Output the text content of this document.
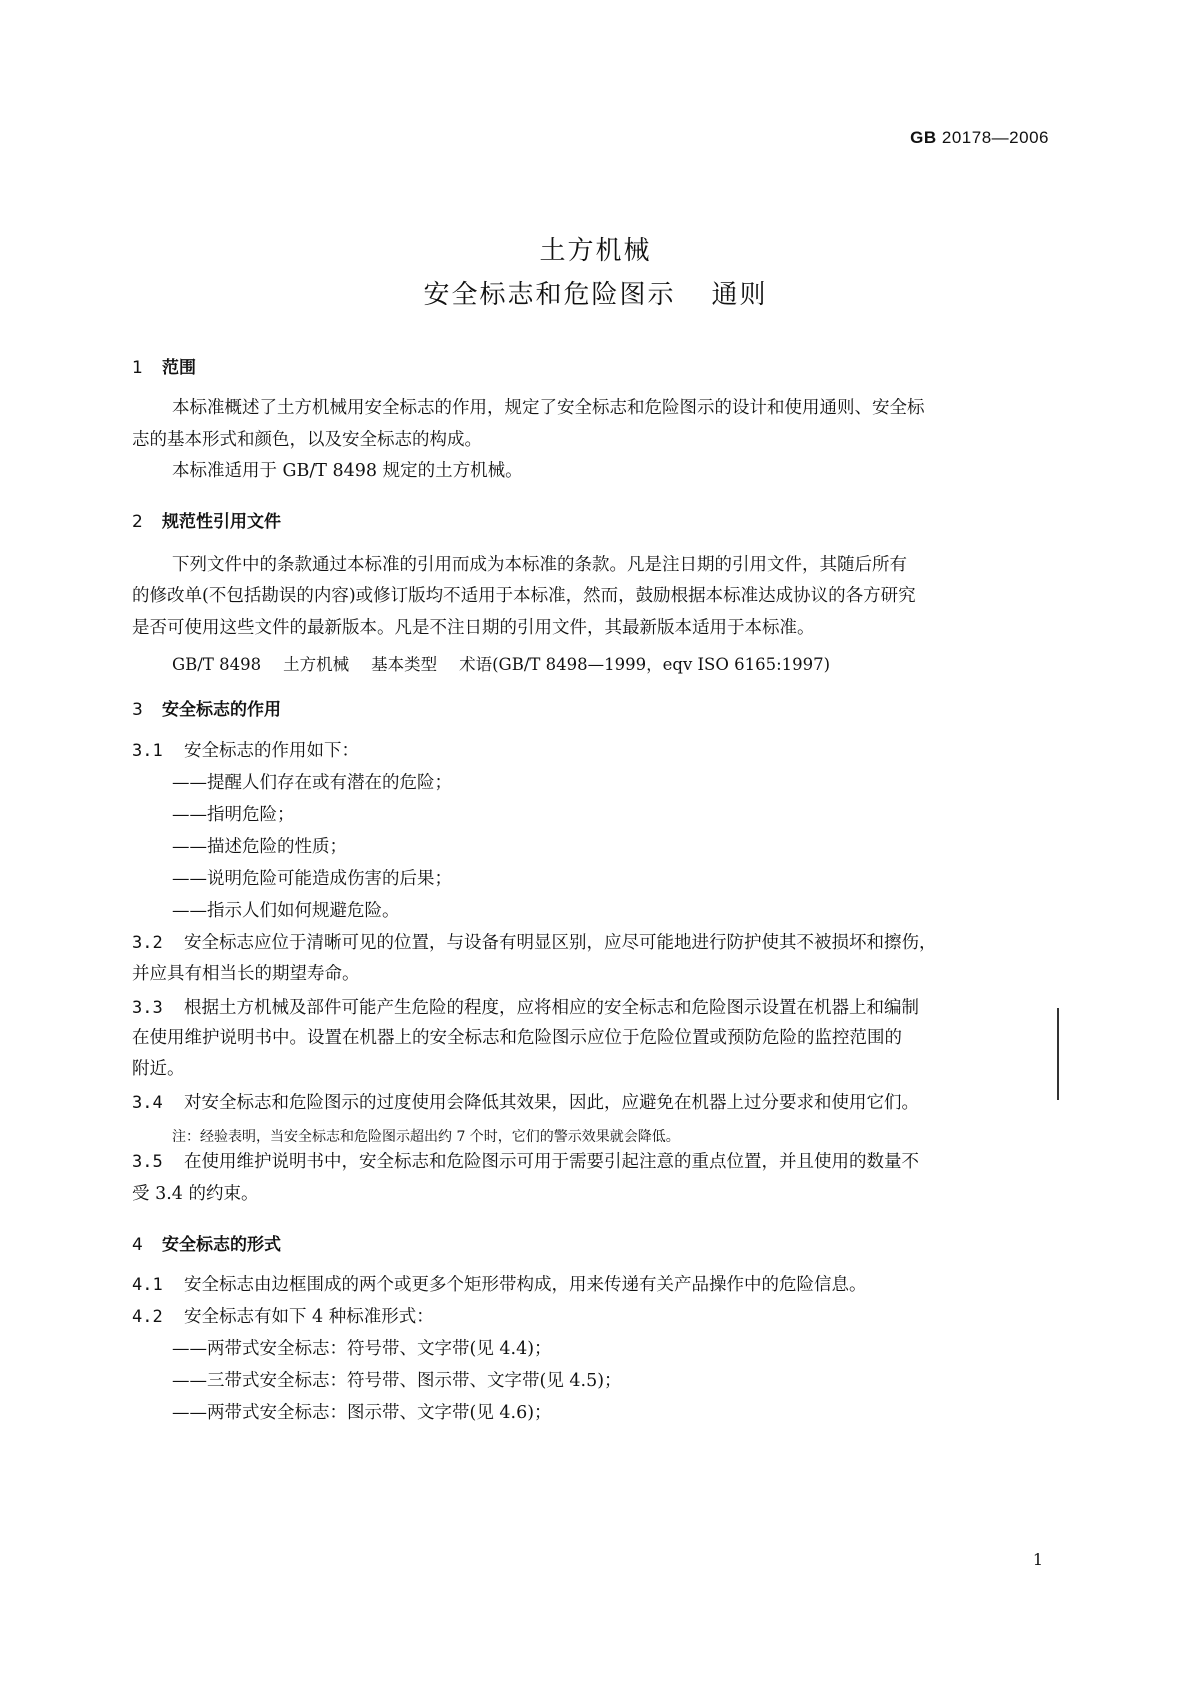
GB 20178—2006
土方机械
安全标志和危险图示 通则
1 范围
本标准概述了土方机械用安全标志的作用，规定了安全标志和危险图示的设计和使用通则、安全标
志的基本形式和颜色，以及安全标志的构成。
本标准适用于 GB/T 8498 规定的土方机械。
2 规范性引用文件
下列文件中的条款通过本标准的引用而成为本标准的条款。凡是注日期的引用文件，其随后所有
的修改单(不包括勘误的内容)或修订版均不适用于本标准，然而，鼓励根据本标准达成协议的各方研究
是否可使用这些文件的最新版本。凡是不注日期的引用文件，其最新版本适用于本标准。
GB/T 8498 土方机械 基本类型 术语(GB/T 8498—1999，eqv ISO 6165:1997)
3 安全标志的作用
3.1 安全标志的作用如下：
——提醒人们存在或有潜在的危险；
——指明危险；
——描述危险的性质；
——说明危险可能造成伤害的后果；
——指示人们如何规避危险。
3.2 安全标志应位于清晰可见的位置，与设备有明显区别，应尽可能地进行防护使其不被损坏和擦伤，
并应具有相当长的期望寿命。
3.3 根据土方机械及部件可能产生危险的程度，应将相应的安全标志和危险图示设置在机器上和编制
在使用维护说明书中。设置在机器上的安全标志和危险图示应位于危险位置或预防危险的监控范围的
附近。
3.4 对安全标志和危险图示的过度使用会降低其效果，因此，应避免在机器上过分要求和使用它们。
注：经验表明，当安全标志和危险图示超出约 7 个时，它们的警示效果就会降低。
3.5 在使用维护说明书中，安全标志和危险图示可用于需要引起注意的重点位置，并且使用的数量不
受 3.4 的约束。
4 安全标志的形式
4.1 安全标志由边框围成的两个或更多个矩形带构成，用来传递有关产品操作中的危险信息。
4.2 安全标志有如下 4 种标准形式：
——两带式安全标志：符号带、文字带(见 4.4)；
——三带式安全标志：符号带、图示带、文字带(见 4.5)；
——两带式安全标志：图示带、文字带(见 4.6)；
1
